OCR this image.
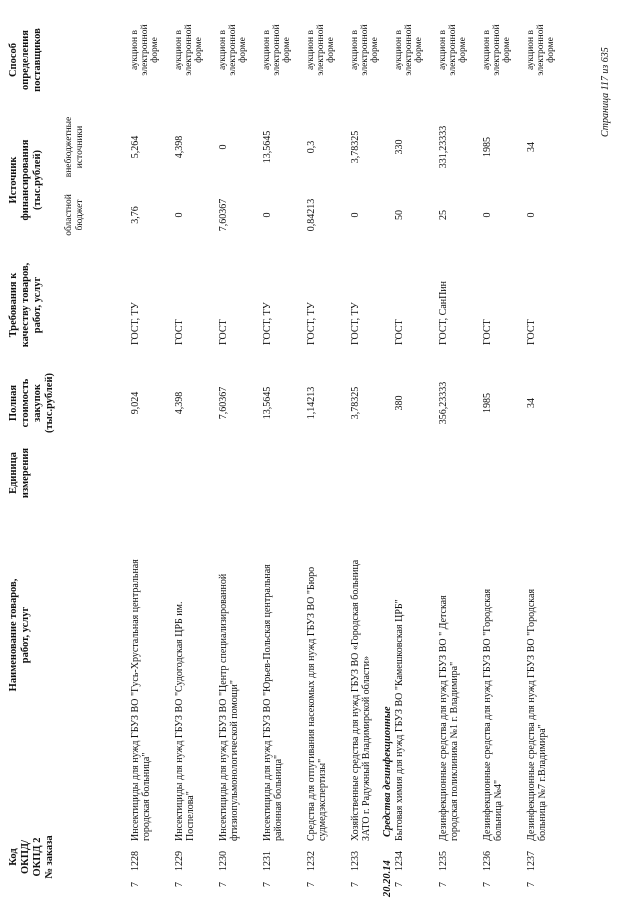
Код ОКПД/ ОКПД 2 № заказа
Наименование товаров, работ, услуг
Единица измерения
Полная стоимость закупок (тыс.рублей)
Требования к качеству товаров, работ, услуг
Источник финансирования (тыс.рублей)
областной бюджет
внебюджетные источники
Способ определения поставщиков
7
1228
Инсектициды для нужд ГБУЗ ВО "Гусь-Хрустальная центральная городская больница"
9,024
ГОСТ, ТУ
3,76
5,264
аукцион в электронной форме
7
1229
Инсектициды для нужд ГБУЗ ВО "Судогодская ЦРБ им. Поспелова"
4,398
ГОСТ
0
4,398
аукцион в электронной форме
7
1230
Инсектициды для нужд ГБУЗ ВО "Центр специализированной фтизиопульмонологической помощи"
7,60367
ГОСТ
7,60367
0
аукцион в электронной форме
7
1231
Инсектициды для нужд ГБУЗ ВО "Юрьев-Польская центральная районная больница"
13,5645
ГОСТ, ТУ
0
13,5645
аукцион в электронной форме
7
1232
Средства для отпугивания насекомых для нужд ГБУЗ ВО "Бюро судмедэкспертизы"
1,14213
ГОСТ, ТУ
0,84213
0,3
аукцион в электронной форме
7
1233
Хозяйственные средства для нужд ГБУЗ ВО «Городская больница ЗАТО г. Радужный Владимирской области»
3,78325
ГОСТ, ТУ
0
3,78325
аукцион в электронной форме
20.20.14
Средства дезинфекционные
7
1234
Бытовая химия для нужд ГБУЗ ВО "Камешковская ЦРБ"
380
ГОСТ
50
330
аукцион в электронной форме
7
1235
Дезинфекционные средства для нужд ГБУЗ ВО " Детская городская поликлиника №1 г. Владимира"
356,23333
ГОСТ, СанПин
25
331,23333
аукцион в электронной форме
7
1236
Дезинфекционные средства для нужд ГБУЗ ВО "Городская больница №4"
1985
ГОСТ
0
1985
аукцион в электронной форме
7
1237
Дезинфекционные средства для нужд ГБУЗ ВО "Городская больница №7 г.Владимира"
34
ГОСТ
0
34
аукцион в электронной форме	Страница 117 из 635
